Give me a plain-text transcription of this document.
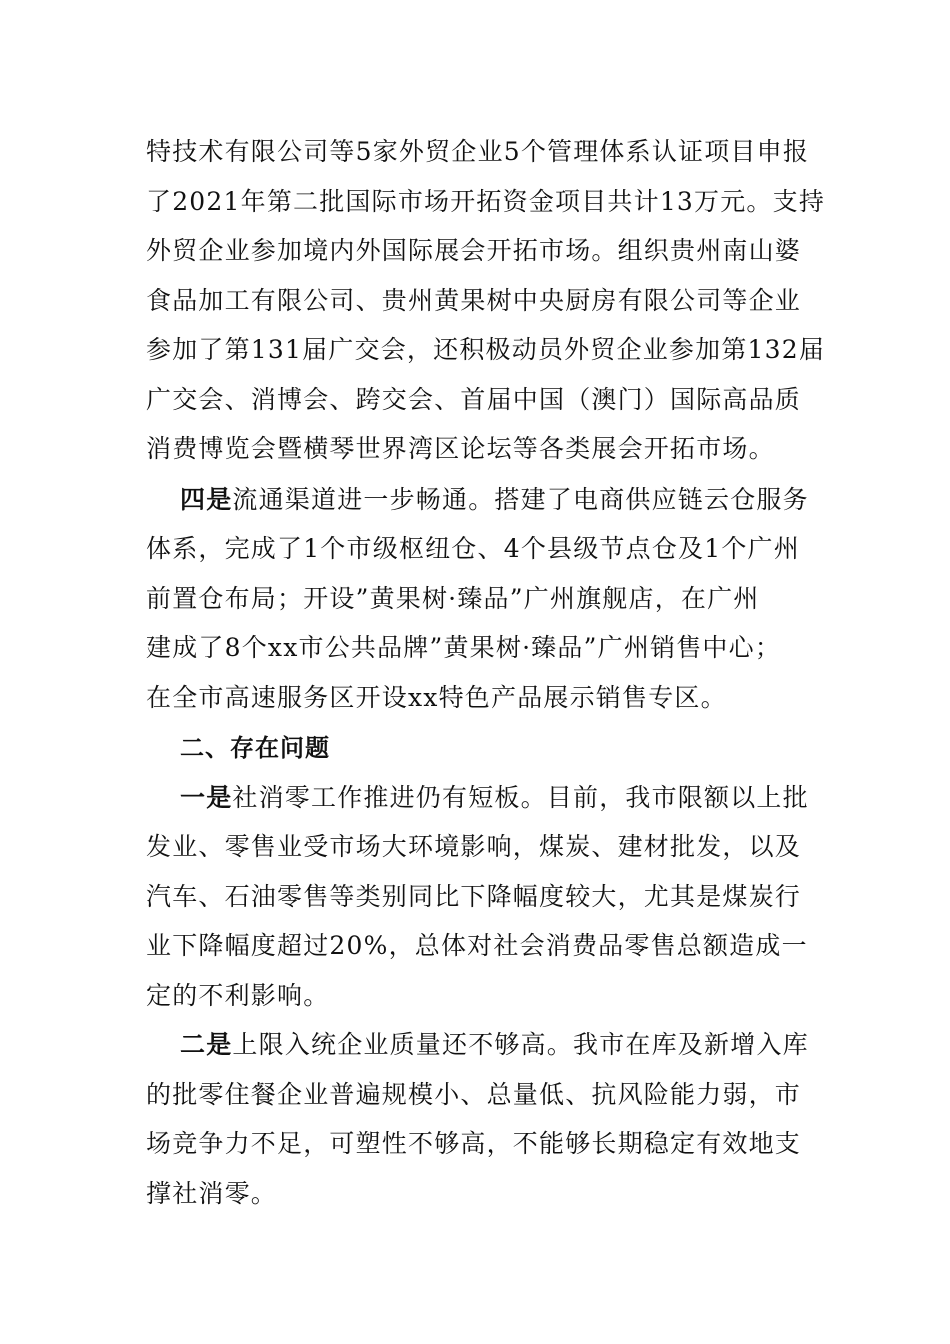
特技术有限公司等5家外贸企业5个管理体系认证项目申报
了2021年第二批国际市场开拓资金项目共计13万元。支持
外贸企业参加境内外国际展会开拓市场。组织贵州南山婆
食品加工有限公司、贵州黄果树中央厨房有限公司等企业
参加了第131届广交会，还积极动员外贸企业参加第132届
广交会、消博会、跨交会、首届中国（澳门）国际高品质
消费博览会暨横琴世界湾区论坛等各类展会开拓市场。
四是流通渠道进一步畅通。搭建了电商供应链云仓服务
体系，完成了1个市级枢纽仓、4个县级节点仓及1个广州
前置仓布局；开设”黄果树·臻品”广州旗舰店，在广州
建成了8个xx市公共品牌”黄果树·臻品”广州销售中心；
在全市高速服务区开设xx特色产品展示销售专区。
二、存在问题
一是社消零工作推进仍有短板。目前，我市限额以上批
发业、零售业受市场大环境影响，煤炭、建材批发，以及
汽车、石油零售等类别同比下降幅度较大，尤其是煤炭行
业下降幅度超过20%，总体对社会消费品零售总额造成一
定的不利影响。
二是上限入统企业质量还不够高。我市在库及新增入库
的批零住餐企业普遍规模小、总量低、抗风险能力弱，市
场竞争力不足，可塑性不够高，不能够长期稳定有效地支
撑社消零。
